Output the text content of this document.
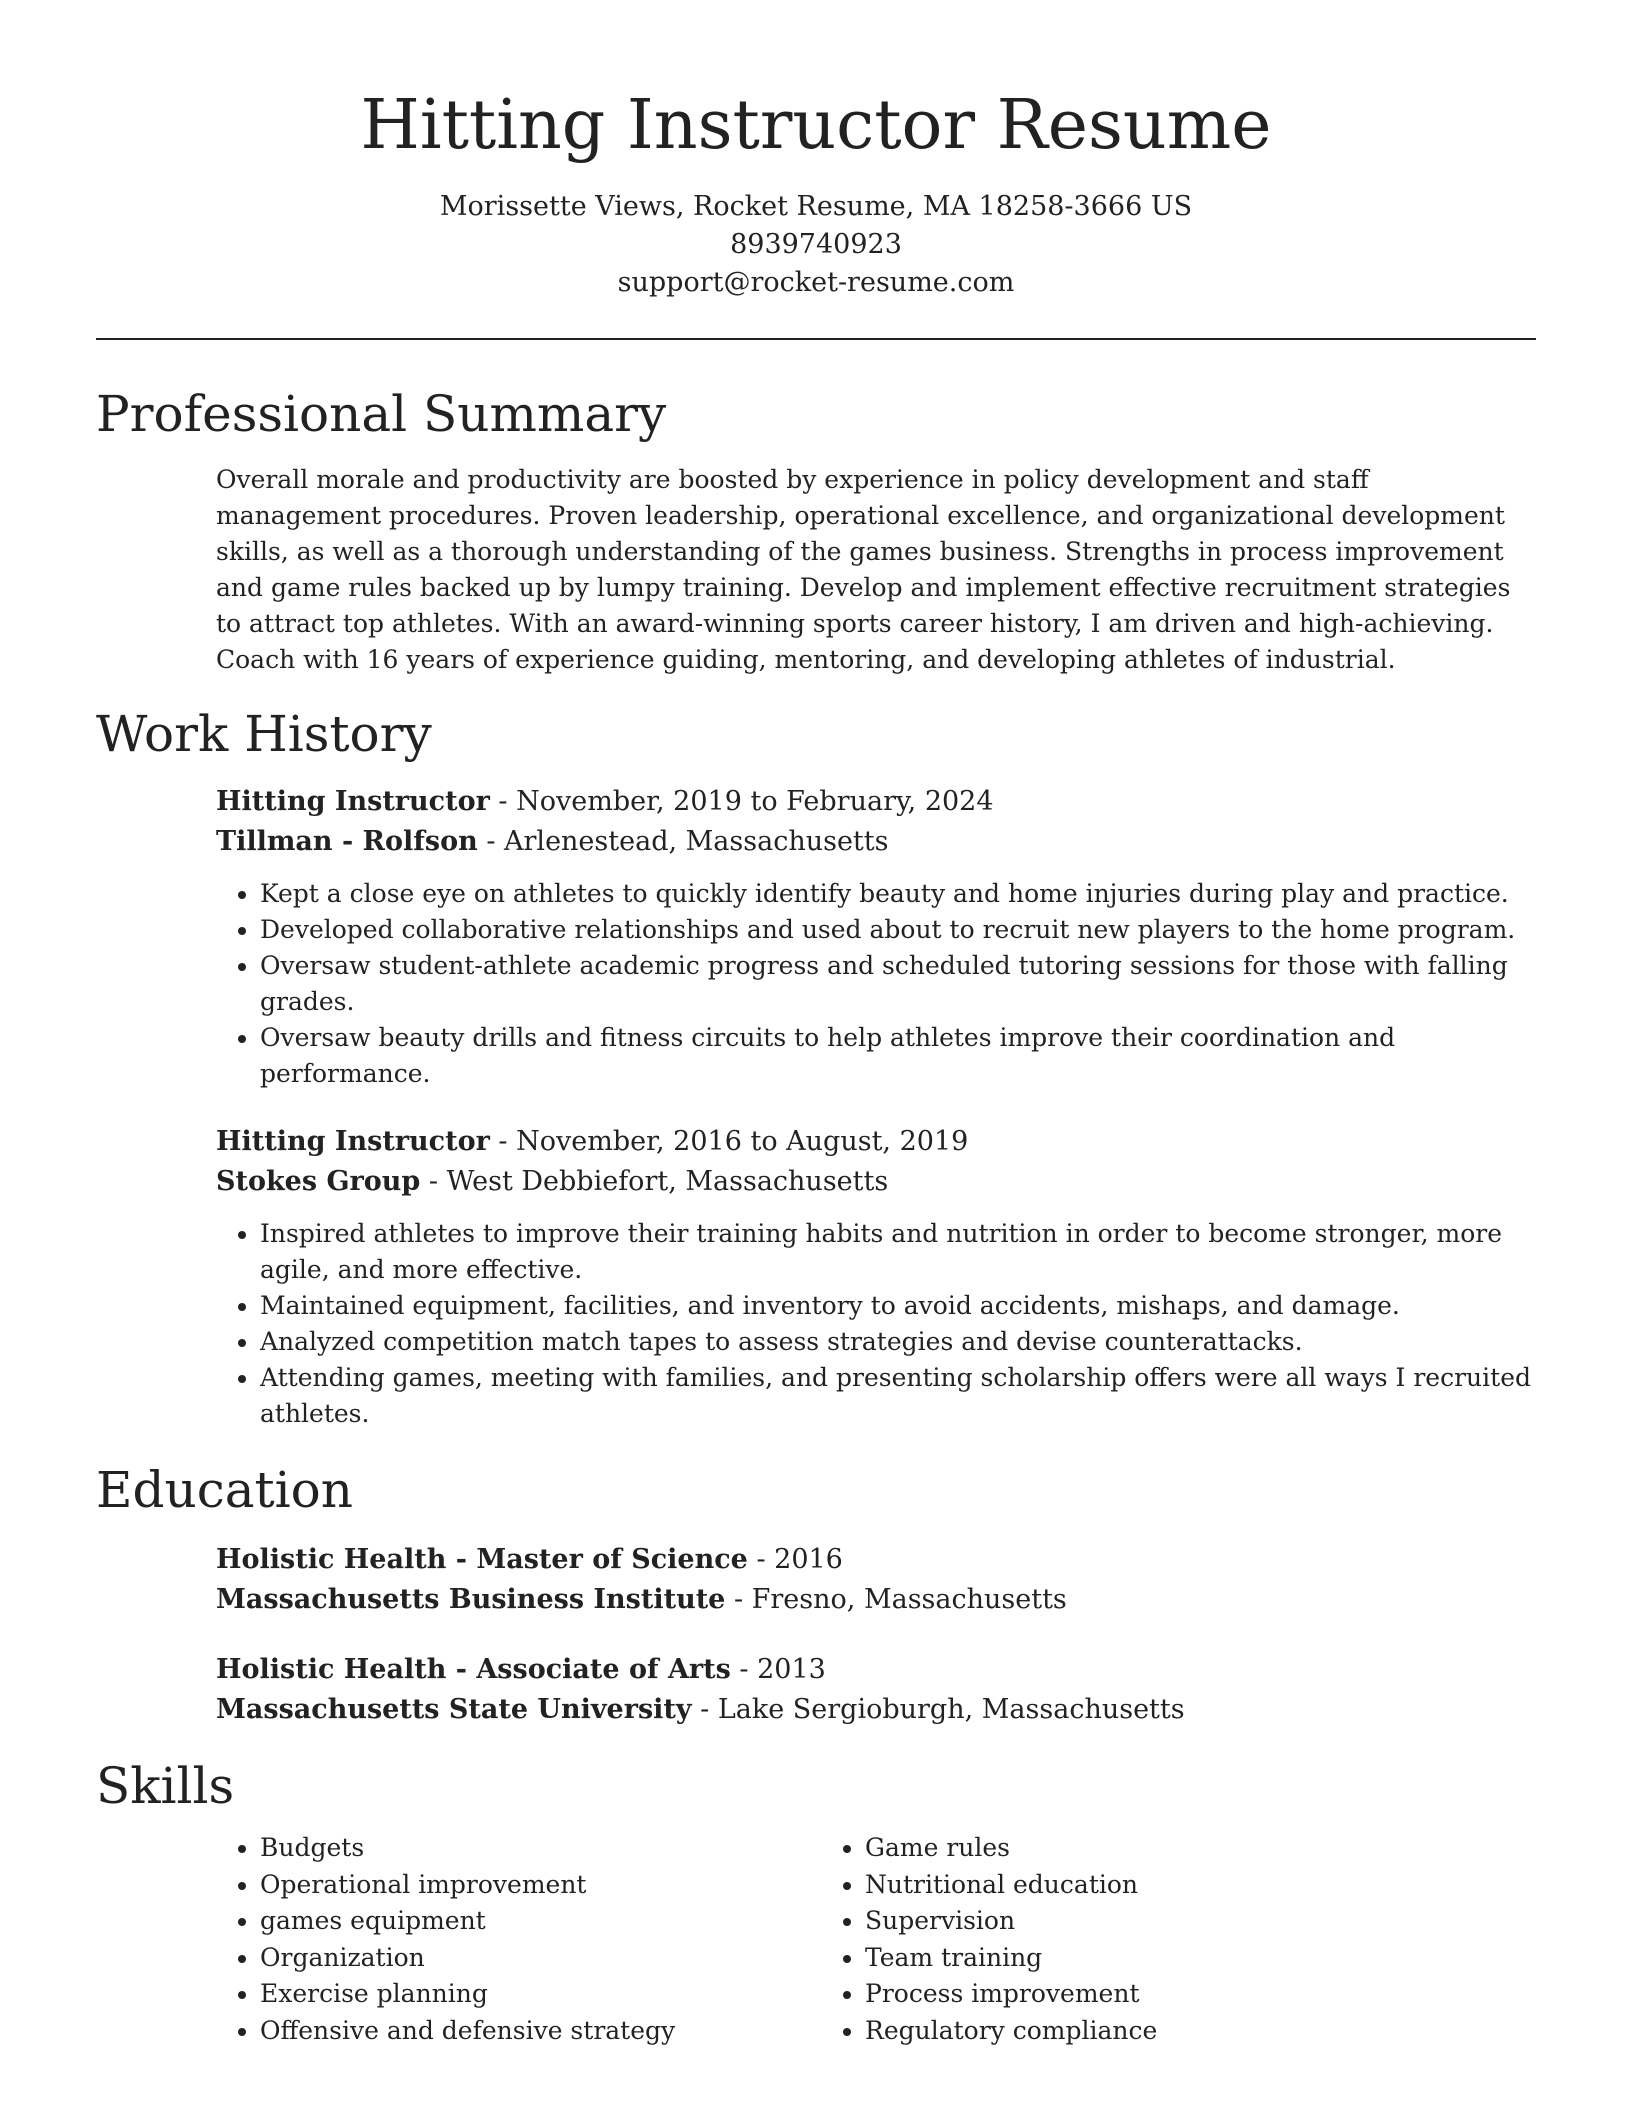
Hitting Instructor Resume
Morissette Views, Rocket Resume, MA 18258-3666 US
8939740923
support@rocket-resume.com
Professional Summary

Overall morale and productivity are boosted by experience in policy development and staff management procedures. Proven leadership, operational excellence, and organizational development skills, as well as a thorough understanding of the games business. Strengths in process improvement and game rules backed up by lumpy training. Develop and implement effective recruitment strategies to attract top athletes. With an award-winning sports career history, I am driven and high-achieving. Coach with 16 years of experience guiding, mentoring, and developing athletes of industrial.

Work History
Hitting Instructor - November, 2019 to February, 2024
Tillman - Rolfson - Arlenestead, Massachusetts
• Kept a close eye on athletes to quickly identify beauty and home injuries during play and practice.
• Developed collaborative relationships and used about to recruit new players to the home program.
• Oversaw student-athlete academic progress and scheduled tutoring sessions for those with falling grades.
• Oversaw beauty drills and fitness circuits to help athletes improve their coordination and performance.
Hitting Instructor - November, 2016 to August, 2019
Stokes Group - West Debbiefort, Massachusetts
• Inspired athletes to improve their training habits and nutrition in order to become stronger, more agile, and more effective.
• Maintained equipment, facilities, and inventory to avoid accidents, mishaps, and damage.
• Analyzed competition match tapes to assess strategies and devise counterattacks.
• Attending games, meeting with families, and presenting scholarship offers were all ways I recruited athletes.
Education
Holistic Health - Master of Science - 2016
Massachusetts Business Institute - Fresno, Massachusetts
Holistic Health - Associate of Arts - 2013
Massachusetts State University - Lake Sergioburgh, Massachusetts
Skills
• Budgets
• Operational improvement
• games equipment
• Organization
• Exercise planning
• Offensive and defensive strategy
• Game rules
• Nutritional education
• Supervision
• Team training
• Process improvement
• Regulatory compliance
